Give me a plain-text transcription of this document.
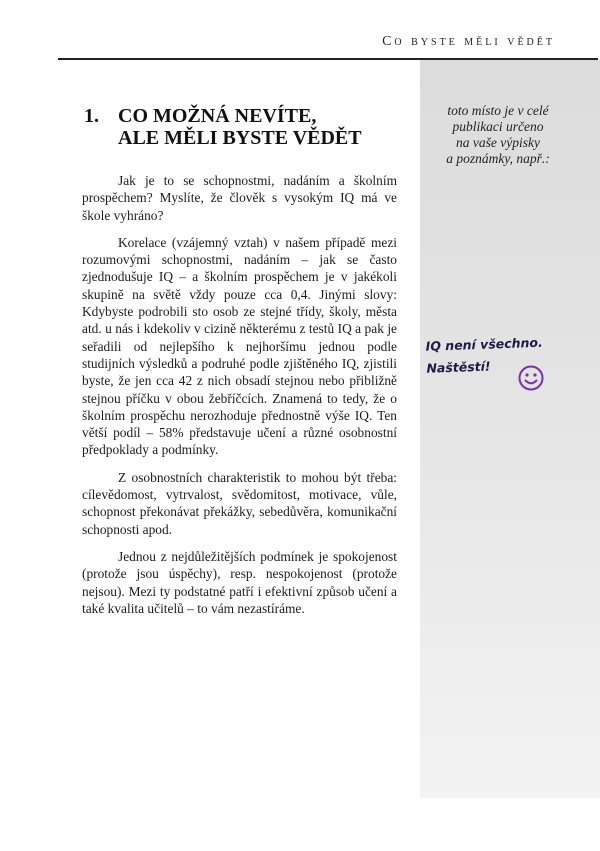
Co byste měli vědět
toto místo je v celé
publikaci určeno
na vaše výpisky
a poznámky, např.:
IQ není všechno.
Naštěstí!
1. CO MOŽNÁ NEVÍTE,
ALE MĚLI BYSTE VĚDĚT

Jak je to se schopnostmi, nadáním a školním prospěchem? Myslíte, že člověk s vysokým IQ má ve škole vyhráno?

Korelace (vzájemný vztah) v našem případě mezi rozumovými schopnostmi, nadáním – jak se často zjednodušuje IQ – a školním prospěchem je v jakékoli skupině na světě vždy pouze cca 0,4. Jinými slovy: Kdybyste podrobili sto osob ze stejné třídy, školy, města atd. u nás i kdekoliv v cizině některému z testů IQ a pak je seřadili od nejlepšího k nejhoršímu jednou podle studijních výsledků a podruhé podle zjištěného IQ, zjistili byste, že jen cca 42 z nich obsadí stejnou nebo přibližně stejnou příčku v obou žebříčcích. Znamená to tedy, že o školním prospěchu nerozhoduje přednostně výše IQ. Ten větší podíl – 58% představuje učení a různé osobnostní předpoklady a podmínky.

Z osobnostních charakteristik to mohou být třeba: cílevědomost, vytrvalost, svědomitost, motivace, vůle, schopnost překonávat překážky, sebedůvěra, komunikační schopnosti apod.

Jednou z nejdůležitějších podmínek je spokojenost (protože jsou úspěchy), resp. nespokojenost (protože nejsou). Mezi ty podstatné patří i efektivní způsob učení a také kvalita učitelů – to vám nezastíráme.
